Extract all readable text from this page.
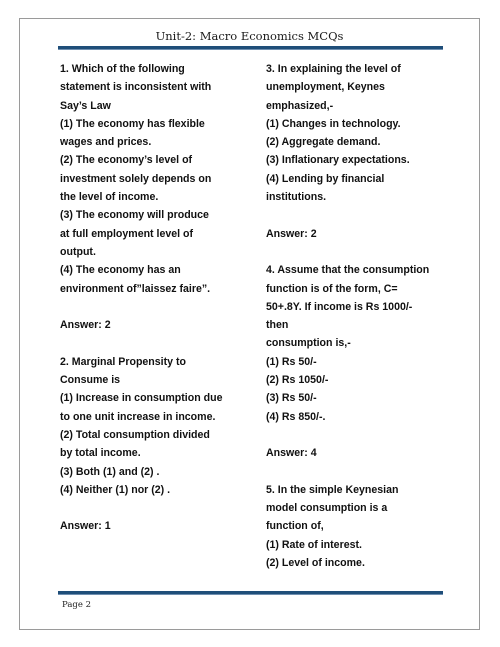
Unit-2: Macro Economics MCQs
1. Which of the following
statement is inconsistent with
Say’s Law
(1) The economy has flexible
wages and prices.
(2) The economy’s level of
investment solely depends on
the level of income.
(3) The economy will produce
at full employment level of
output.
(4) The economy has an
environment of”laissez faire”.
Answer: 2
2. Marginal Propensity to
Consume is
(1) Increase in consumption due
to one unit increase in income.
(2) Total consumption divided
by total income.
(3) Both (1) and (2) .
(4) Neither (1) nor (2) .
Answer: 1
3. In explaining the level of
unemployment, Keynes
emphasized,-
(1) Changes in technology.
(2) Aggregate demand.
(3) Inflationary expectations.
(4) Lending by financial
institutions.
Answer: 2
4. Assume that the consumption
function is of the form, C=
50+.8Y. If income is Rs 1000/-
then
consumption is,-
(1) Rs 50/-
(2) Rs 1050/-
(3) Rs 50/-
(4) Rs 850/-.
Answer: 4
5. In the simple Keynesian
model consumption is a
function of,
(1) Rate of interest.
(2) Level of income.
Page 2
